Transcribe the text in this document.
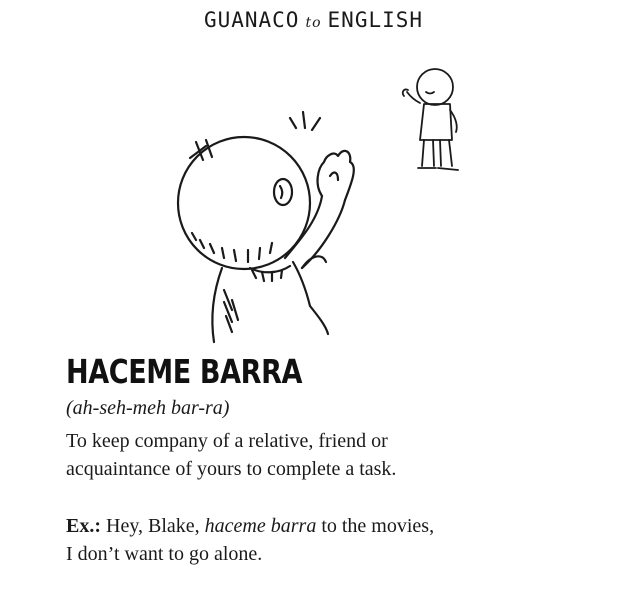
GUANACO to ENGLISH
HACEME BARRA
(ah-seh-meh bar-ra)
To keep company of a relative, friend or
acquaintance of yours to complete a task.
Ex.: Hey, Blake, haceme barra to the movies,
I don’t want to go alone.
